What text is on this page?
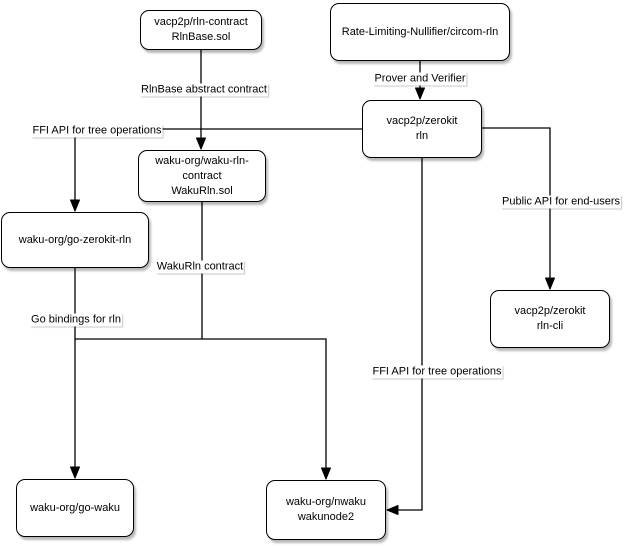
vacp2p/rln-contract
RlnBase.sol	Rate-Limiting-Nullifier/circom-rln
vacp2p/zerokit
rln
waku-org/waku-rln-
contract
WakuRln.sol
waku-org/go-zerokit-rln
vacp2p/zerokit
rln-cli
waku-org/go-waku	waku-org/nwaku
wakunode2
RlnBase abstract contract
Prover and Verifier
FFI API for tree operations
Public API for end-users
FFI API for tree operations
Go bindings for rln
WakuRln contract
